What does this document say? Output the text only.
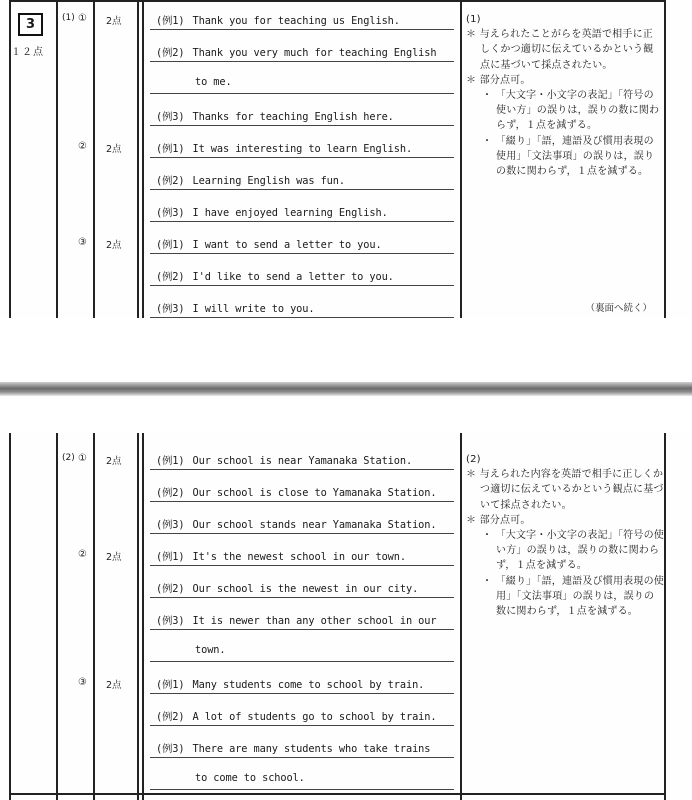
3
１２点
(1) ① 2点	(例1) Thank you for teaching us English.
(例2) Thank you very much for teaching English
to me.
(例3) Thanks for teaching English here.
② 2点	(例1) It was interesting to learn English.
(例2) Learning English was fun.
(例3) I have enjoyed learning English.
③ 2点	(例1) I want to send a letter to you.
(例2) I'd like to send a letter to you.
(例3) I will write to you.

(1)

＊ 与えられたことがらを英語で相手に正しくかつ適切に伝えているかという観点に基づいて採点されたい。

＊ 部分点可。

・ 「大文字・小文字の表記」「符号の使い方」の誤りは，誤りの数に関わらず，１点を減ずる。

・ 「綴り」「語，連語及び慣用表現の使用」「文法事項」の誤りは，誤りの数に関わらず，１点を減ずる。

（裏面へ続く）
(2) ① 2点	(例1) Our school is near Yamanaka Station.
(例2) Our school is close to Yamanaka Station.
(例3) Our school stands near Yamanaka Station.
② 2点	(例1) It's the newest school in our town.
(例2) Our school is the newest in our city.
(例3) It is newer than any other school in our
town.
③ 2点	(例1) Many students come to school by train.
(例2) A lot of students go to school by train.
(例3) There are many students who take trains
to come to school.

(2)

＊ 与えられた内容を英語で相手に正しくかつ適切に伝えているかという観点に基づいて採点されたい。

＊ 部分点可。

・ 「大文字・小文字の表記」「符号の使い方」の誤りは，誤りの数に関わらず，１点を減ずる。

・ 「綴り」「語，連語及び慣用表現の使用」「文法事項」の誤りは，誤りの数に関わらず，１点を減ずる。
